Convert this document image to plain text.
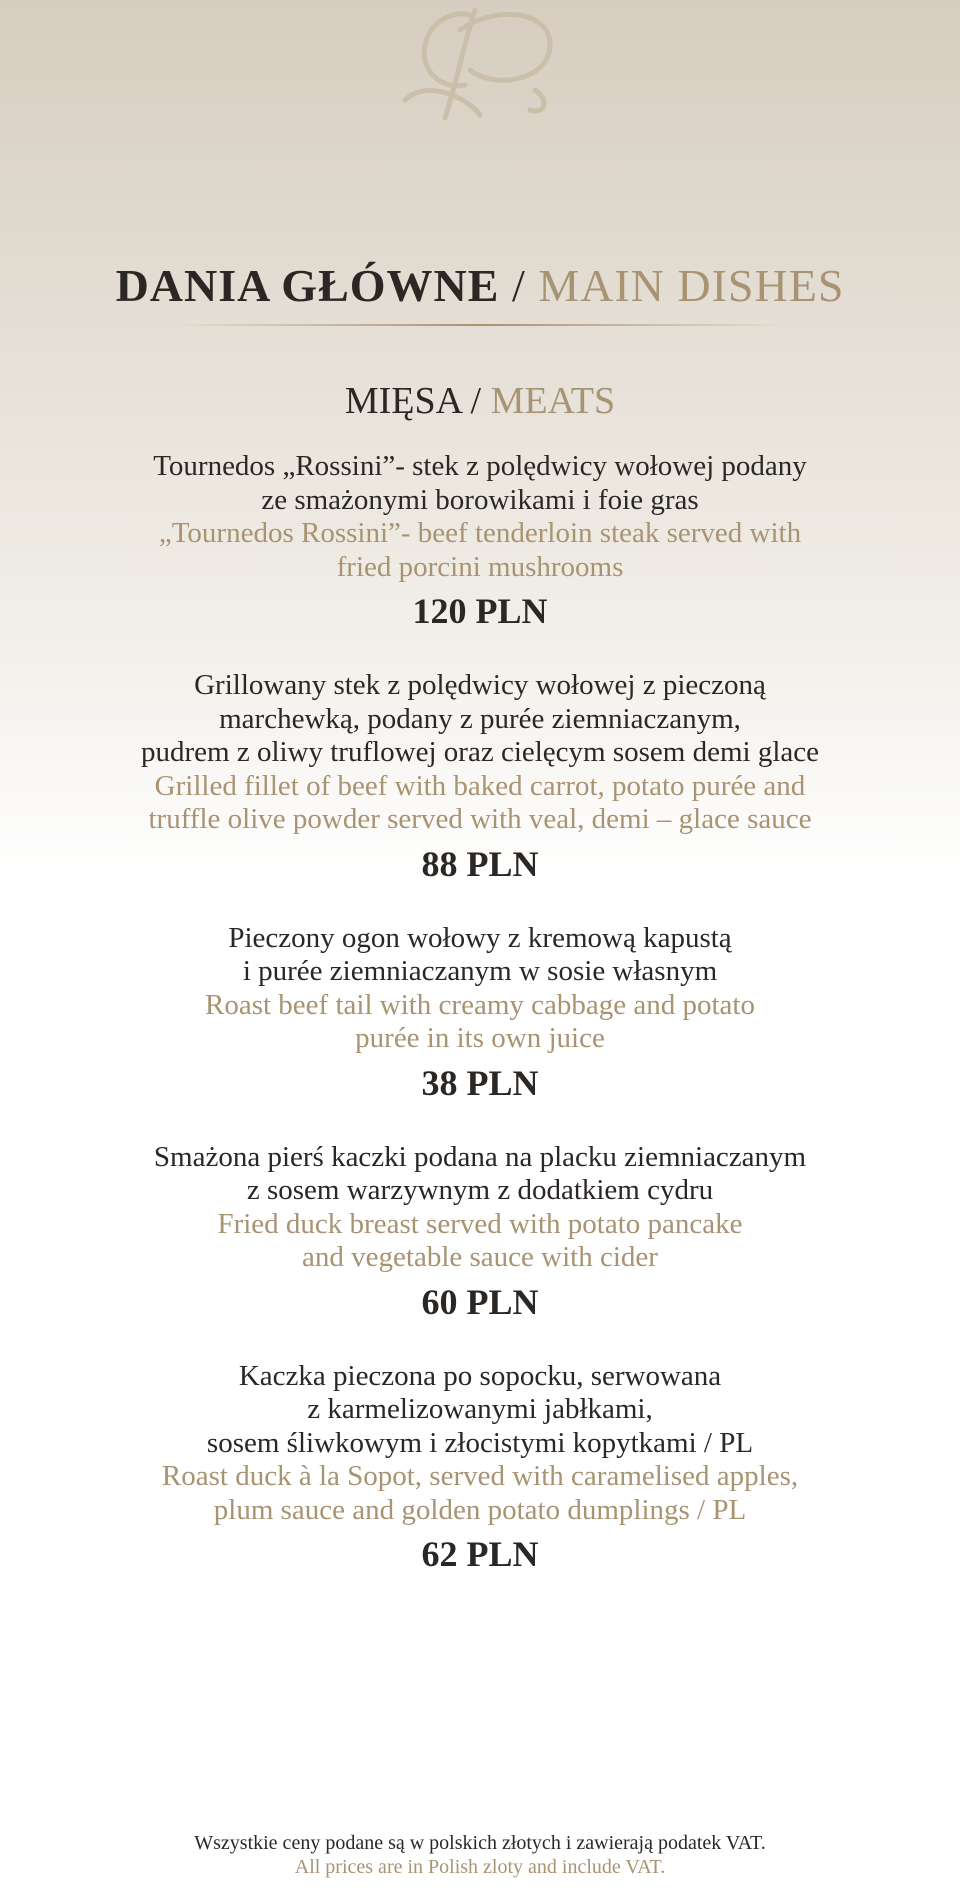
DANIA GŁÓWNE / MAIN DISHES
MIĘSA / MEATS
Tournedos „Rossini”- stek z polędwicy wołowej podany
ze smażonymi borowikami i foie gras
„Tournedos Rossini”- beef tenderloin steak served with
fried porcini mushrooms
120 PLN
Grillowany stek z polędwicy wołowej z pieczoną
marchewką, podany z purée ziemniaczanym,
pudrem z oliwy truflowej oraz cielęcym sosem demi glace
Grilled fillet of beef with baked carrot, potato purée and
truffle olive powder served with veal, demi – glace sauce
88 PLN
Pieczony ogon wołowy z kremową kapustą
i purée ziemniaczanym w sosie własnym
Roast beef tail with creamy cabbage and potato
purée in its own juice
38 PLN
Smażona pierś kaczki podana na placku ziemniaczanym
z sosem warzywnym z dodatkiem cydru
Fried duck breast served with potato pancake
and vegetable sauce with cider
60 PLN
Kaczka pieczona po sopocku, serwowana
z karmelizowanymi jabłkami,
sosem śliwkowym i złocistymi kopytkami / PL
Roast duck à la Sopot, served with caramelised apples,
plum sauce and golden potato dumplings / PL
62 PLN
Wszystkie ceny podane są w polskich złotych i zawierają podatek VAT.
All prices are in Polish zloty and include VAT.
